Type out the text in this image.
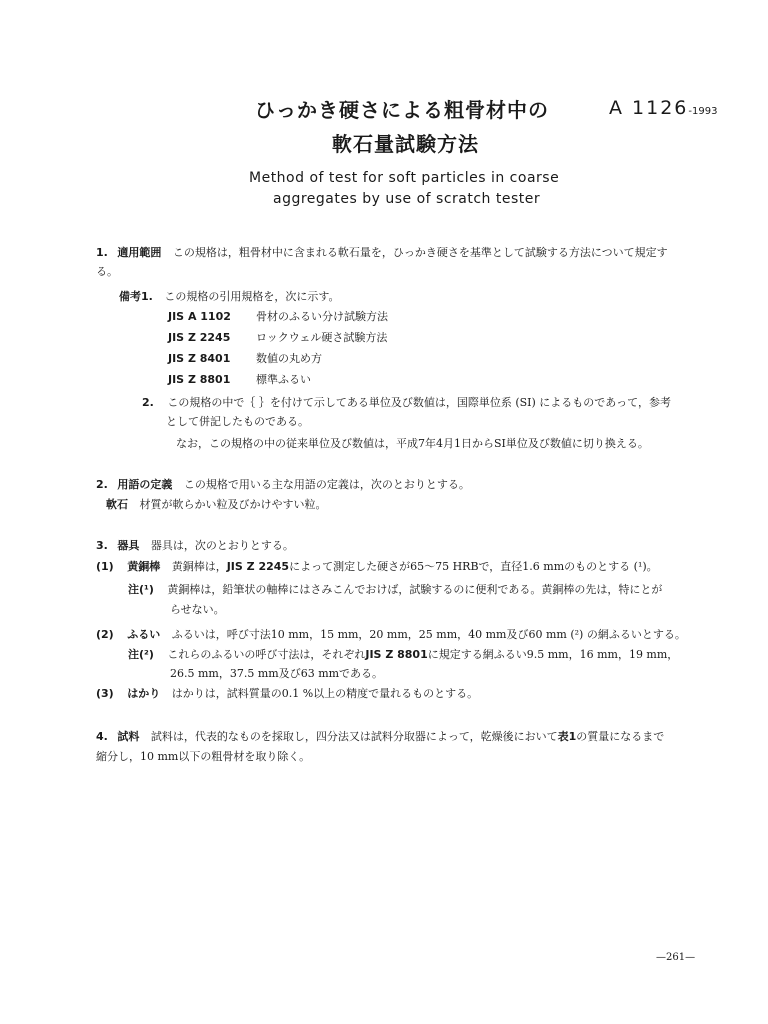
ひっかき硬さによる粗骨材中の
軟石量試験方法
A 1126-1993
Method of test for soft particles in coarse
aggregates by use of scratch tester
1. 適用範囲 この規格は，粗骨材中に含まれる軟石量を，ひっかき硬さを基準として試験する方法について規定す
る。
備考1. この規格の引用規格を，次に示す。
JIS A 1102 骨材のふるい分け試験方法
JIS Z 2245 ロックウェル硬さ試験方法
JIS Z 8401 数値の丸め方
JIS Z 8801 標準ふるい
2. この規格の中で｛ ｝を付けて示してある単位及び数値は，国際単位系 (SI) によるものであって，参考
として併記したものである。
なお，この規格の中の従来単位及び数値は，平成7年4月1日からSI単位及び数値に切り換える。
2. 用語の定義 この規格で用いる主な用語の定義は，次のとおりとする。
軟石 材質が軟らかい粒及びかけやすい粒。
3. 器具 器具は，次のとおりとする。
(1) 黄銅棒 黄銅棒は，JIS Z 2245によって測定した硬さが65～75 HRBで，直径1.6 mmのものとする (¹)。
注(¹) 黄銅棒は，鉛筆状の軸棒にはさみこんでおけば，試験するのに便利である。黄銅棒の先は，特にとが
らせない。
(2) ふるい ふるいは，呼び寸法10 mm，15 mm，20 mm，25 mm，40 mm及び60 mm (²) の網ふるいとする。
注(²) これらのふるいの呼び寸法は，それぞれJIS Z 8801に規定する網ふるい9.5 mm，16 mm，19 mm，
26.5 mm，37.5 mm及び63 mmである。
(3) はかり はかりは，試料質量の0.1 %以上の精度で量れるものとする。
4. 試料 試料は，代表的なものを採取し，四分法又は試料分取器によって，乾燥後において表1の質量になるまで
縮分し，10 mm以下の粗骨材を取り除く。
—261—
